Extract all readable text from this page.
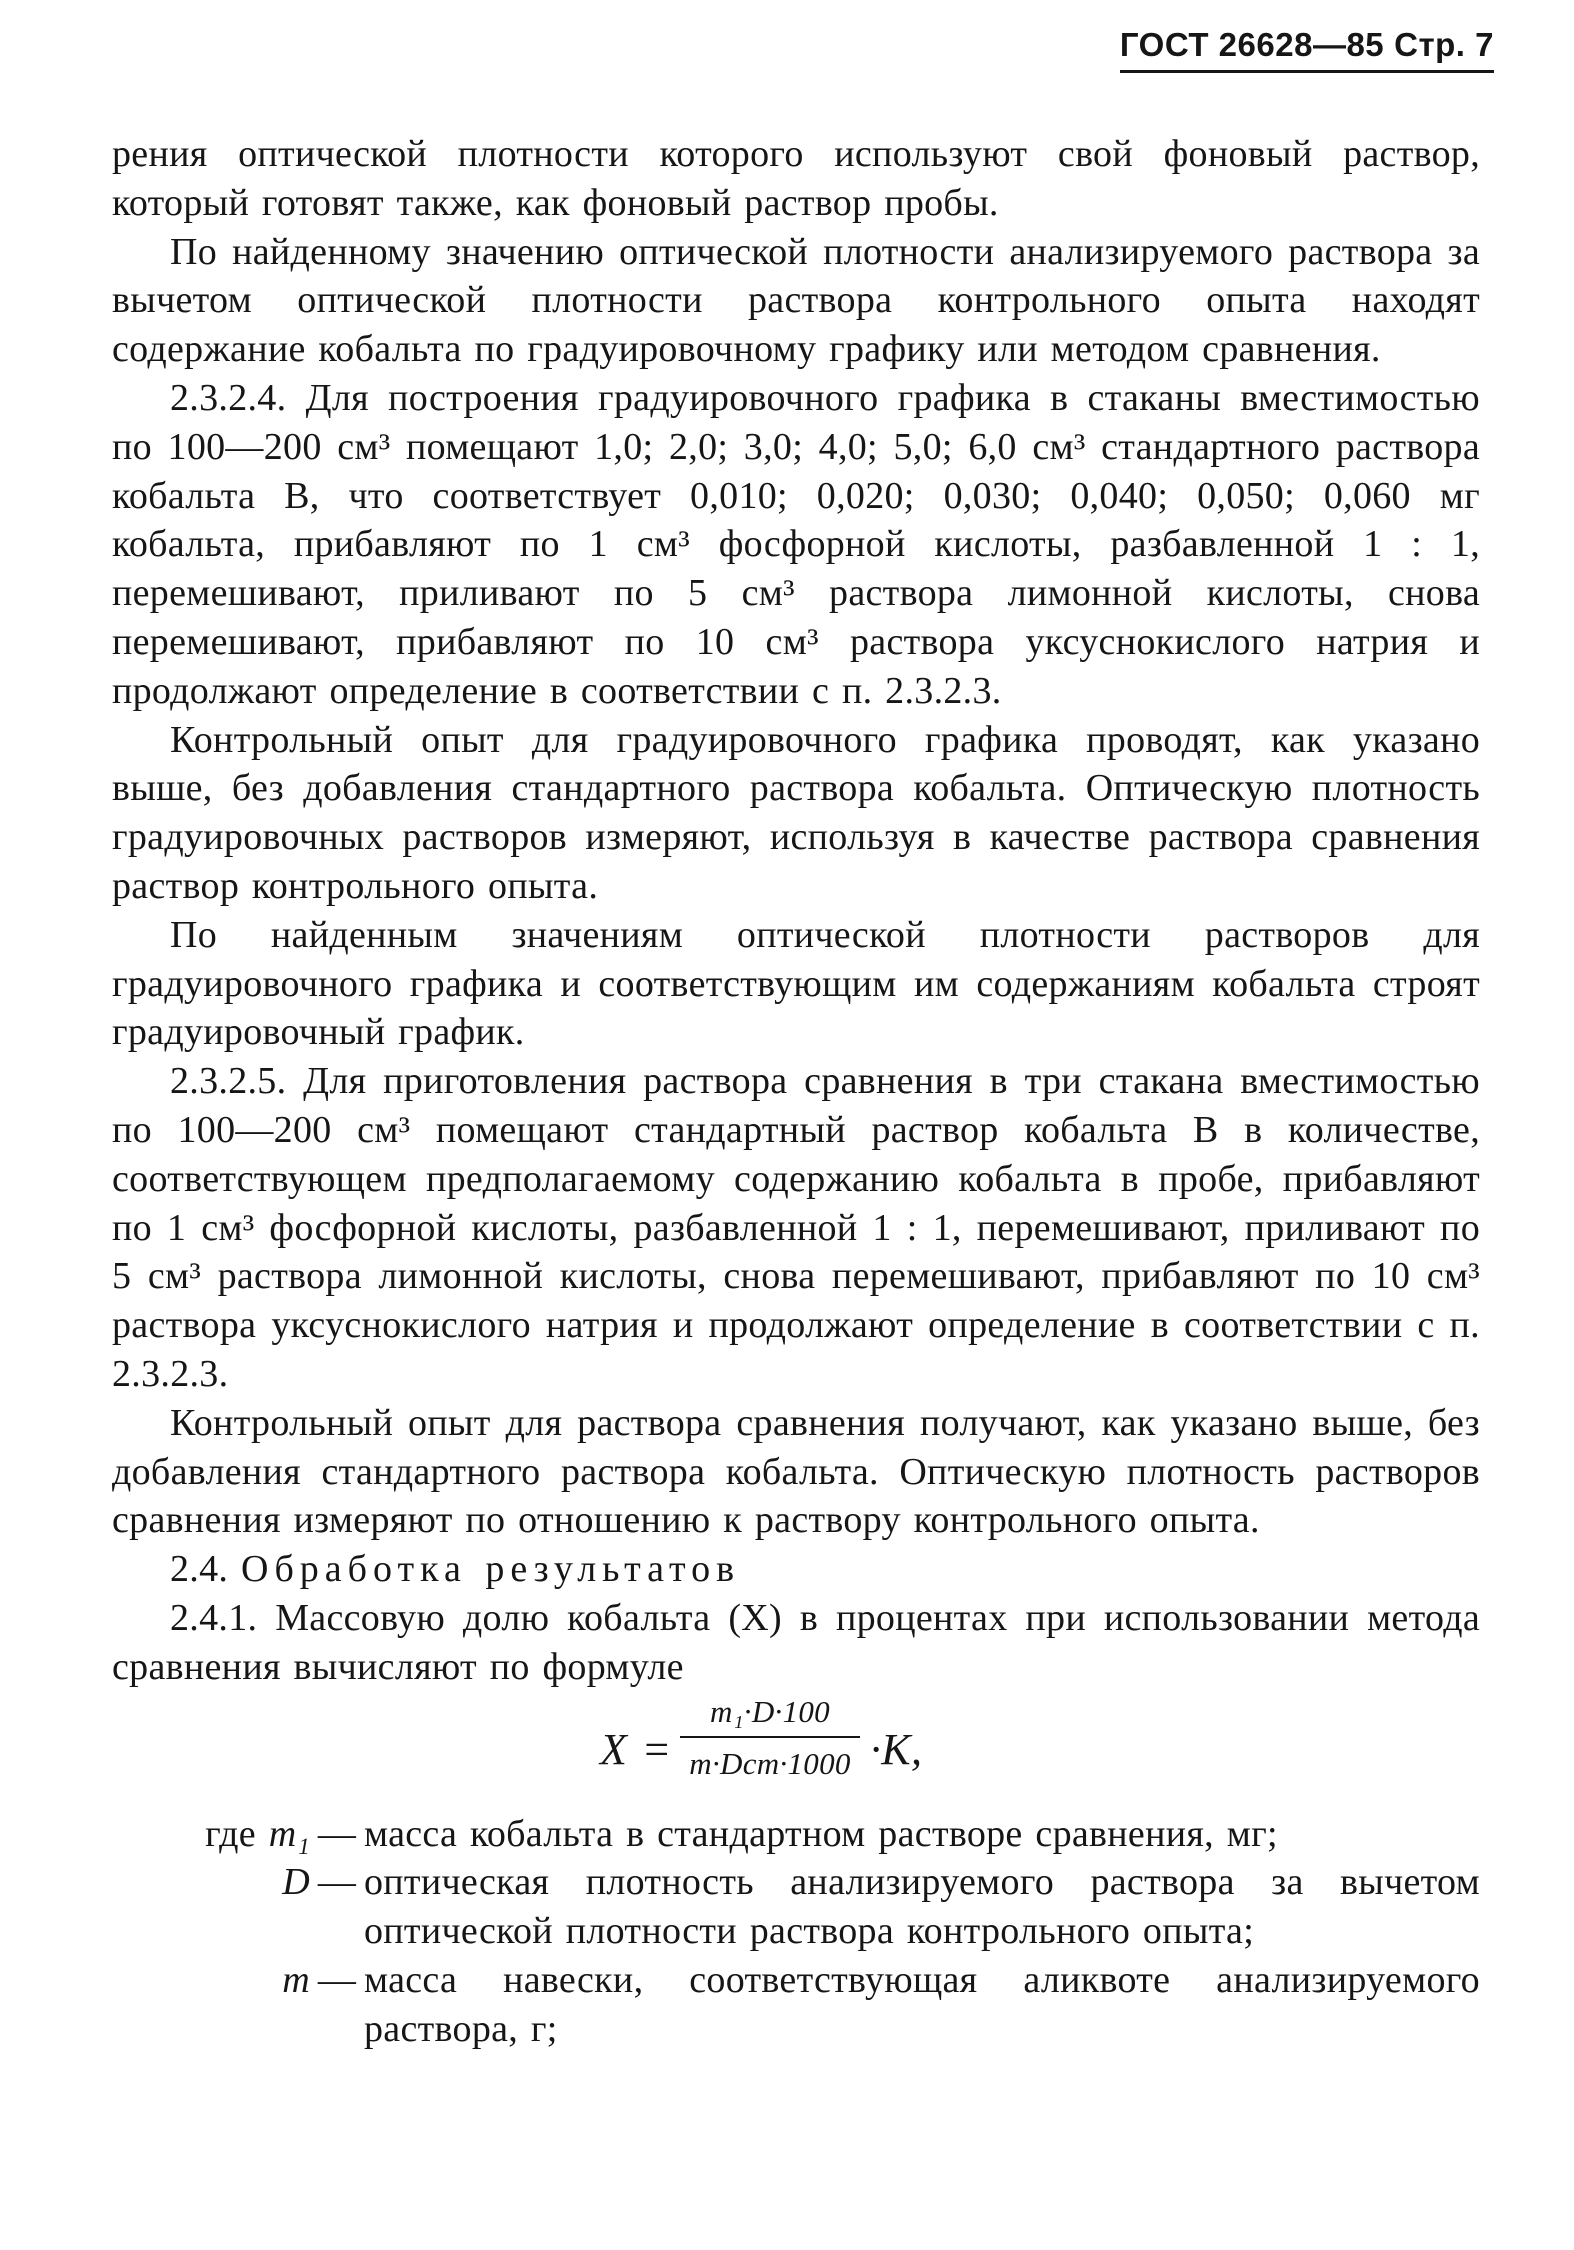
ГОСТ 26628—85 Стр. 7

рения оптической плотности которого используют свой фоновый раствор, который готовят также, как фоновый раствор пробы.

По найденному значению оптической плотности анализируемого раствора за вычетом оптической плотности раствора контрольного опыта находят содержание кобальта по градуировочному графику или методом сравнения.

2.3.2.4. Для построения градуировочного графика в стаканы вместимостью по 100—200 см³ помещают 1,0; 2,0; 3,0; 4,0; 5,0; 6,0 см³ стандартного раствора кобальта В, что соответствует 0,010; 0,020; 0,030; 0,040; 0,050; 0,060 мг кобальта, прибавляют по 1 см³ фосфорной кислоты, разбавленной 1 : 1, перемешивают, приливают по 5 см³ раствора лимонной кислоты, снова перемешивают, прибавляют по 10 см³ раствора уксуснокислого натрия и продолжают определение в соответствии с п. 2.3.2.3.

Контрольный опыт для градуировочного графика проводят, как указано выше, без добавления стандартного раствора кобальта. Оптическую плотность градуировочных растворов измеряют, используя в качестве раствора сравнения раствор контрольного опыта.

По найденным значениям оптической плотности растворов для градуировочного графика и соответствующим им содержаниям кобальта строят градуировочный график.

2.3.2.5. Для приготовления раствора сравнения в три стакана вместимостью по 100—200 см³ помещают стандартный раствор кобальта В в количестве, соответствующем предполагаемому содержанию кобальта в пробе, прибавляют по 1 см³ фосфорной кислоты, разбавленной 1 : 1, перемешивают, приливают по 5 см³ раствора лимонной кислоты, снова перемешивают, прибавляют по 10 см³ раствора уксуснокислого натрия и продолжают определение в соответствии с п. 2.3.2.3.

Контрольный опыт для раствора сравнения получают, как указано выше, без добавления стандартного раствора кобальта. Оптическую плотность растворов сравнения измеряют по отношению к раствору контрольного опыта.

2.4. Обработка результатов

2.4.1. Массовую долю кобальта (X) в процентах при использовании метода сравнения вычисляют по формуле

X =
m₁·D·100
m·Dст·1000 ·K,
где m₁ — масса кобальта в стандартном растворе сравнения, мг;
D — оптическая плотность анализируемого раствора за вычетом оптической плотности раствора контрольного опыта;
m — масса навески, соответствующая аликвоте анализируемого раствора, г;
